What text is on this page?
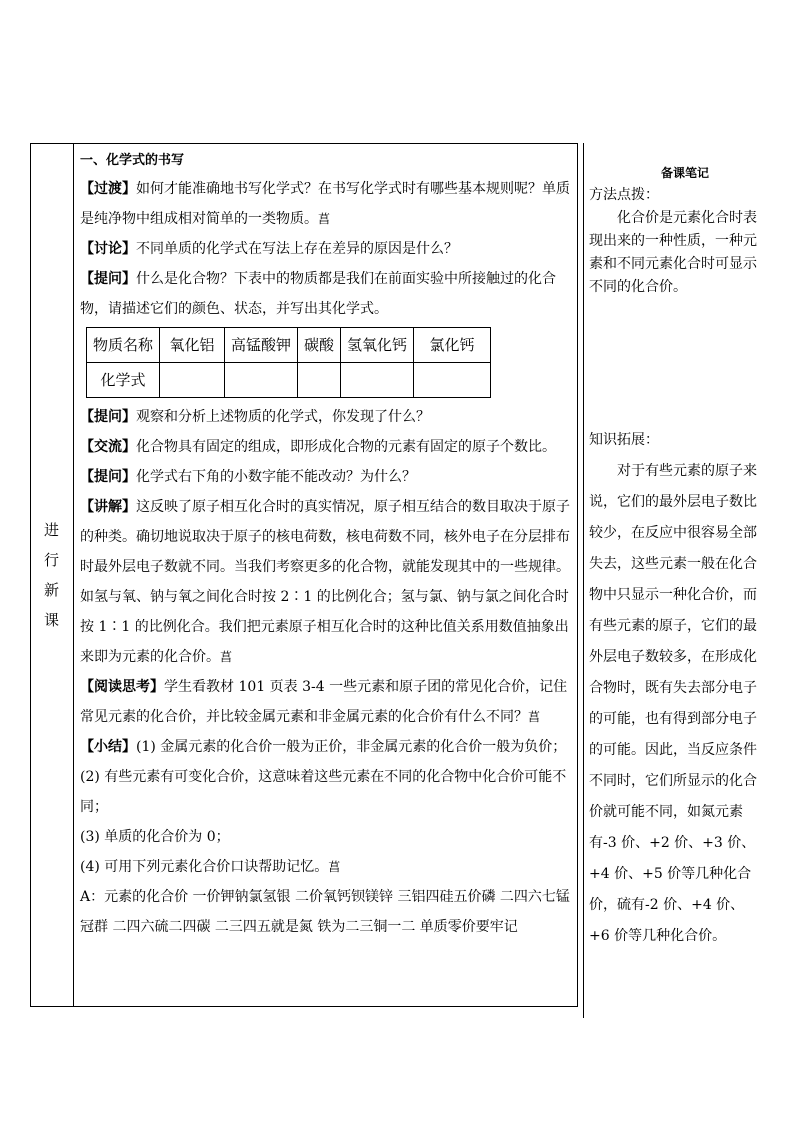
进
行
新
课

一、化学式的书写

【过渡】如何才能准确地书写化学式？在书写化学式时有哪些基本规则呢？单质是纯净物中组成相对简单的一类物质。菖

【讨论】不同单质的化学式在写法上存在差异的原因是什么？

【提问】什么是化合物？下表中的物质都是我们在前面实验中所接触过的化合物，请描述它们的颜色、状态，并写出其化学式。

物质名称	氧化铝	高锰酸钾	碳酸	氢氧化钙	氯化钙
化学式					

【提问】观察和分析上述物质的化学式，你发现了什么？

【交流】化合物具有固定的组成，即形成化合物的元素有固定的原子个数比。

【提问】化学式右下角的小数字能不能改动？为什么？

【讲解】这反映了原子相互化合时的真实情况，原子相互结合的数目取决于原子的种类。确切地说取决于原子的核电荷数，核电荷数不同，核外电子在分层排布时最外层电子数就不同。当我们考察更多的化合物，就能发现其中的一些规律。如氢与氧、钠与氧之间化合时按 2∶1 的比例化合；氢与氯、钠与氯之间化合时按 1∶1 的比例化合。我们把元素原子相互化合时的这种比值关系用数值抽象出来即为元素的化合价。菖

【阅读思考】学生看教材 101 页表 3-4 一些元素和原子团的常见化合价，记住常见元素的化合价，并比较金属元素和非金属元素的化合价有什么不同？菖

【小结】(1) 金属元素的化合价一般为正价，非金属元素的化合价一般为负价；

(2) 有些元素有可变化合价，这意味着这些元素在不同的化合物中化合价可能不同；

(3) 单质的化合价为 0；

(4) 可用下列元素化合价口诀帮助记忆。菖

A：元素的化合价 一价钾钠氯氢银 二价氧钙钡镁锌 三铝四硅五价磷 二四六七锰冠群 二四六硫二四碳 二三四五就是氮 铁为二三铜一二 单质零价要牢记

备课笔记

方法点拨：

化合价是元素化合时表现出来的一种性质，一种元素和不同元素化合时可显示不同的化合价。

知识拓展：

对于有些元素的原子来说，它们的最外层电子数比较少，在反应中很容易全部失去，这些元素一般在化合物中只显示一种化合价，而有些元素的原子，它们的最外层电子数较多，在形成化合物时，既有失去部分电子的可能，也有得到部分电子的可能。因此，当反应条件不同时，它们所显示的化合价就可能不同，如氮元素有-3 价、+2 价、+3 价、+4 价、+5 价等几种化合价，硫有-2 价、+4 价、+6 价等几种化合价。
